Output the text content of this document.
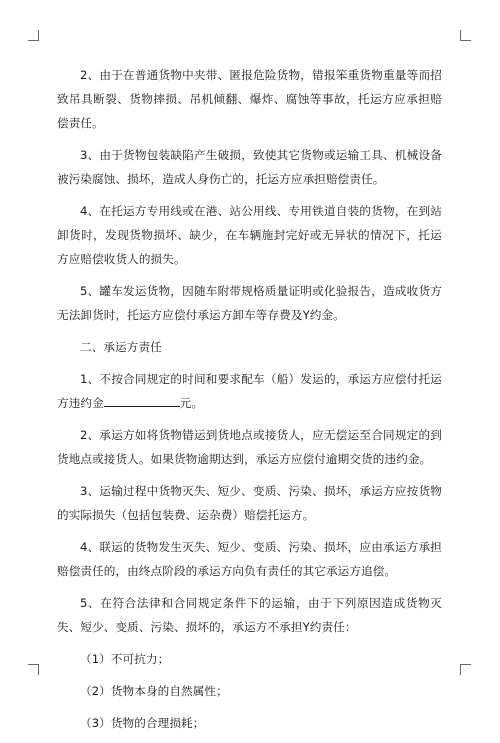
2、由于在普通货物中夹带、匿报危险货物，错报笨重货物重量等而招致吊具断裂、货物摔损、吊机倾翻、爆炸、腐蚀等事故，托运方应承担赔偿责任。

3、由于货物包装缺陷产生破损，致使其它货物或运输工具、机械设备被污染腐蚀、损坏，造成人身伤亡的，托运方应承担赔偿责任。

4、在托运方专用线或在港、站公用线、专用铁道自装的货物，在到站卸货时，发现货物损坏、缺少，在车辆施封完好或无异状的情况下，托运方应赔偿收货人的损失。

5、罐车发运货物，因随车附带规格质量证明或化验报告，造成收货方无法卸货时，托运方应偿付承运方卸车等存费及Y约金。

二、承运方责任

1、不按合同规定的时间和要求配车（船）发运的，承运方应偿付托运方违约金	元。

2、承运方如将货物错运到货地点或接货人，应无偿运至合同规定的到货地点或接货人。如果货物逾期达到，承运方应偿付逾期交货的违约金。

3、运输过程中货物灭失、短少、变质、污染、损坏，承运方应按货物的实际损失（包括包装费、运杂费）赔偿托运方。

4、联运的货物发生灭失、短少、变质、污染、损坏，应由承运方承担赔偿责任的，由终点阶段的承运方向负有责任的其它承运方追偿。

5、在符合法律和合同规定条件下的运输，由于下列原因造成货物灭失、短少、变质、污染、损坏的，承运方不承担Y约责任：

（1）不可抗力；

（2）货物本身的自然属性；

（3）货物的合理损耗；
